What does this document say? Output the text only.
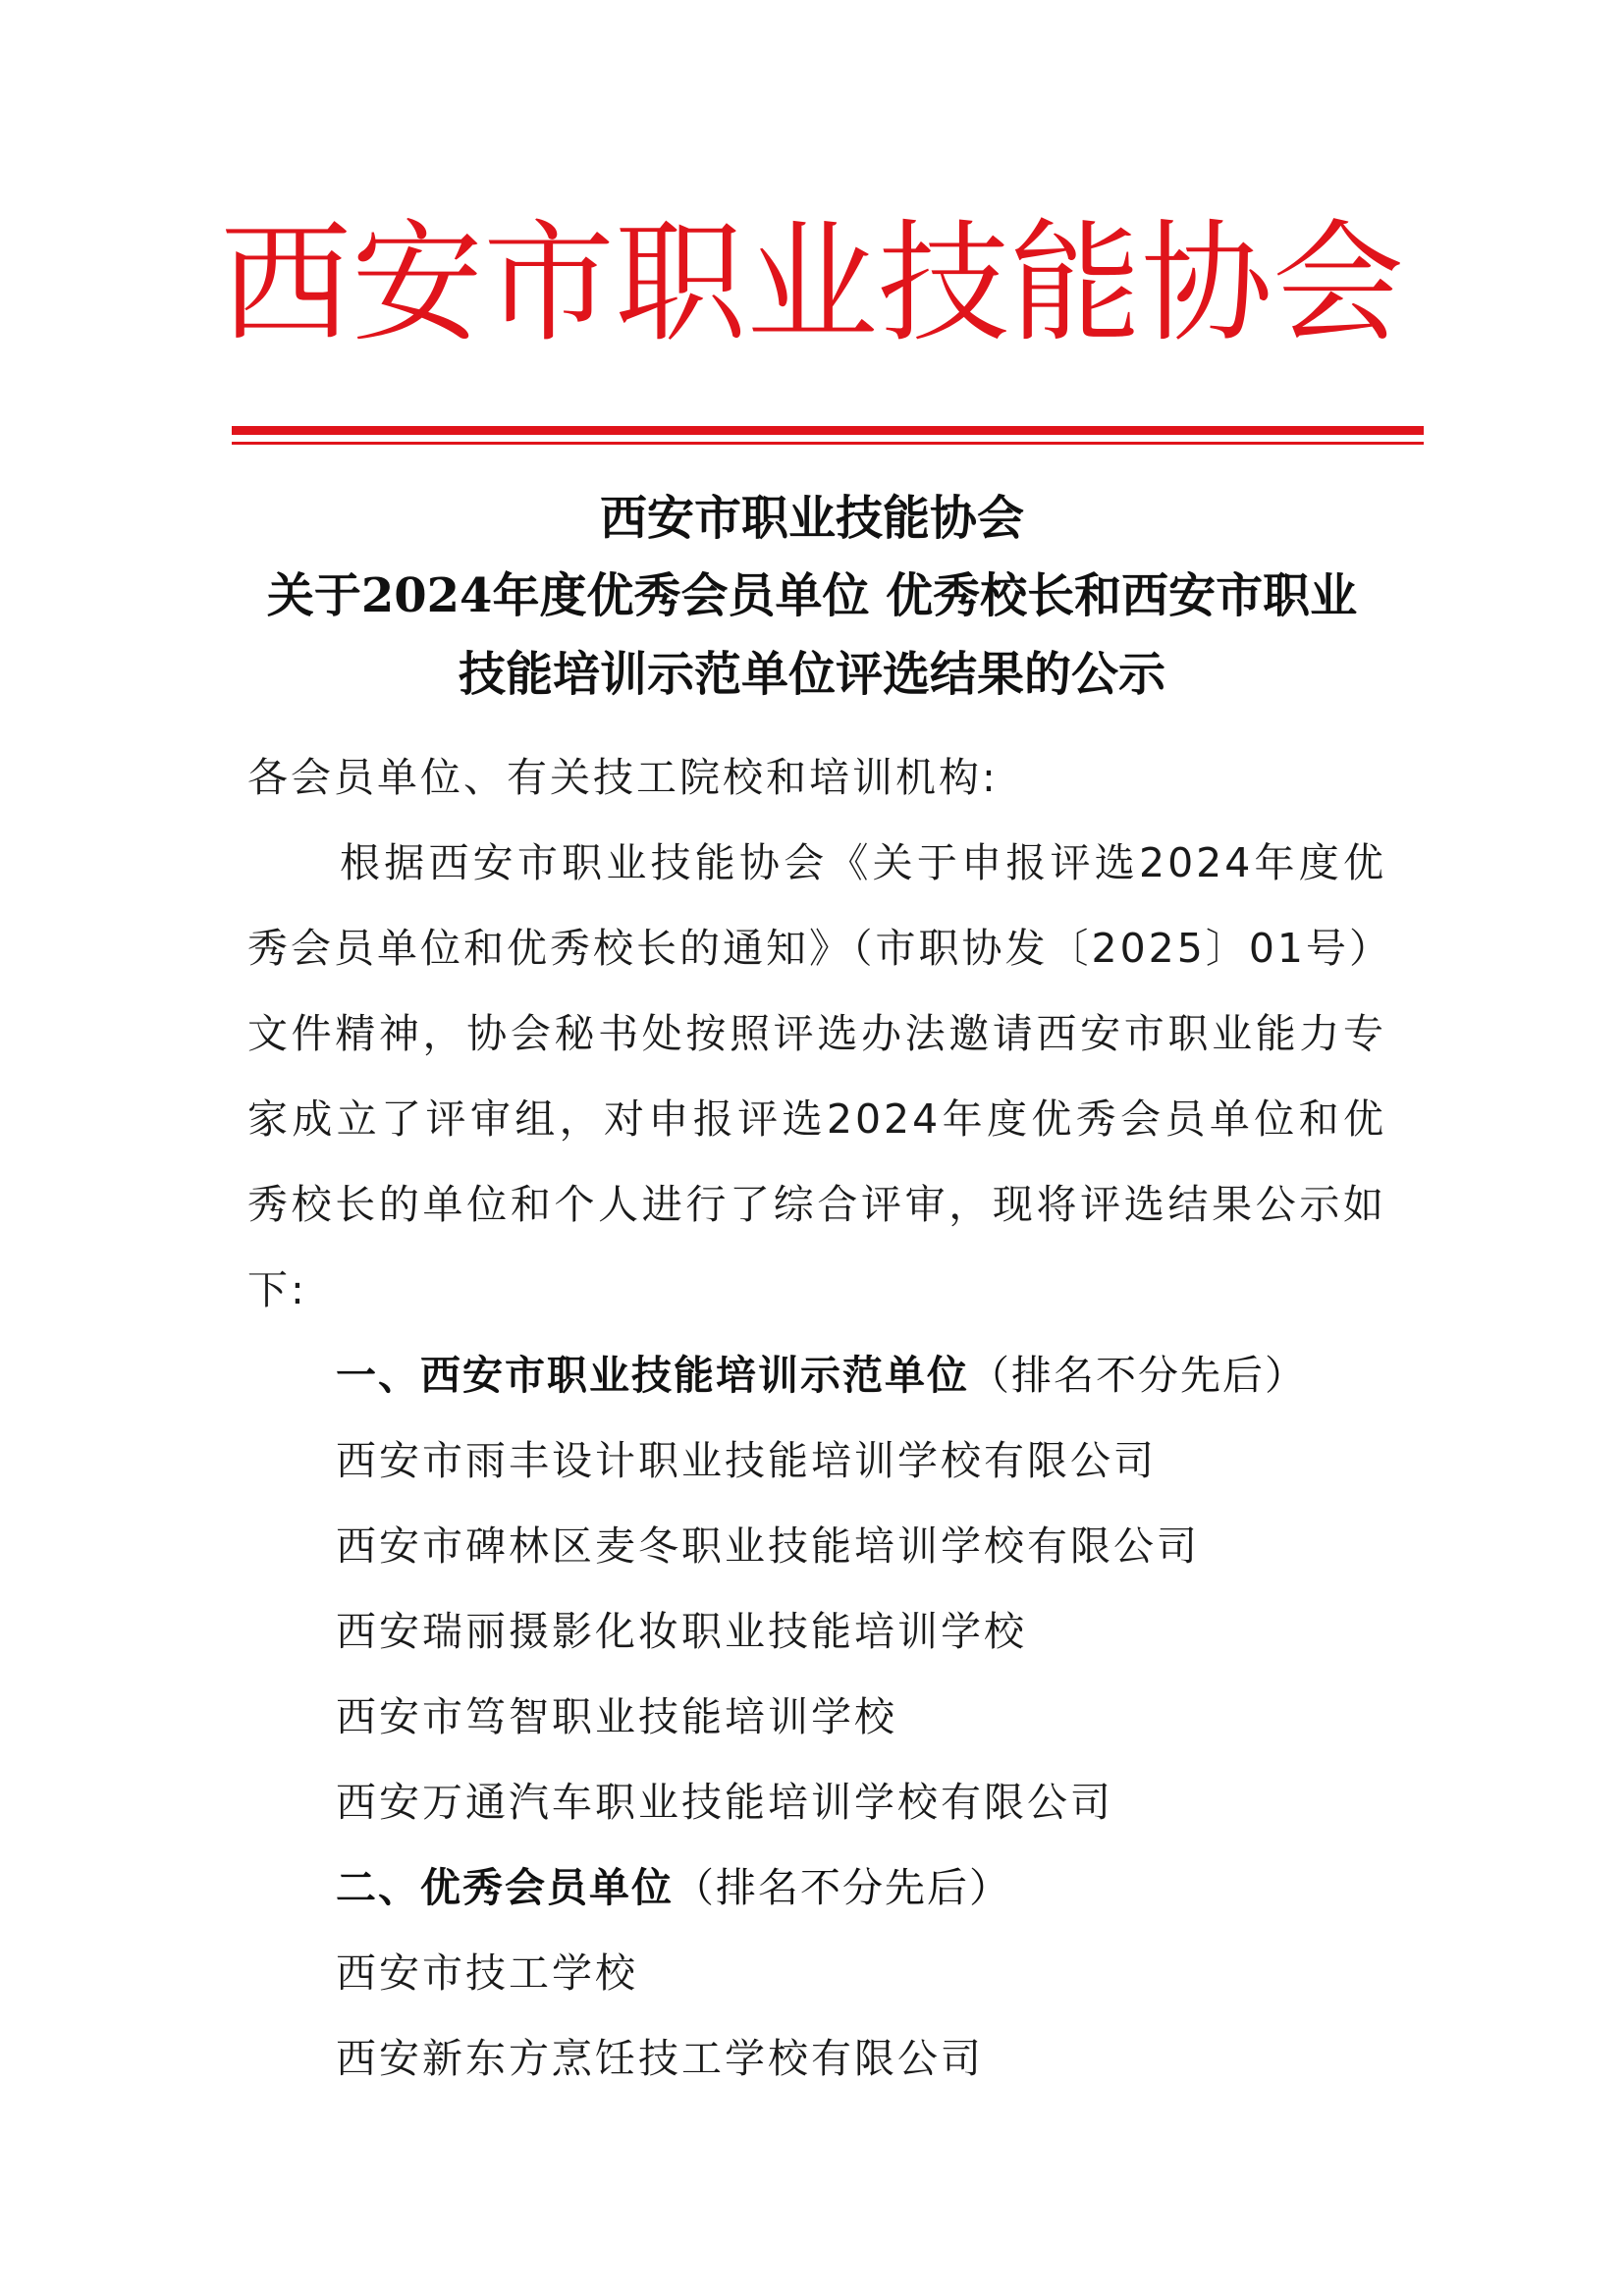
西安市职业技能协会
西安市职业技能协会
关于2024年度优秀会员单位 优秀校长和西安市职业
技能培训示范单位评选结果的公示
各会员单位、有关技工院校和培训机构:
根据西安市职业技能协会《关于申报评选2024年度优
秀会员单位和优秀校长的通知》（市职协发〔2025〕01号）
文件精神，协会秘书处按照评选办法邀请西安市职业能力专
家成立了评审组，对申报评选2024年度优秀会员单位和优
秀校长的单位和个人进行了综合评审，现将评选结果公示如
下:
一、西安市职业技能培训示范单位（排名不分先后）
西安市雨丰设计职业技能培训学校有限公司
西安市碑林区麦冬职业技能培训学校有限公司
西安瑞丽摄影化妆职业技能培训学校
西安市笃智职业技能培训学校
西安万通汽车职业技能培训学校有限公司
二、优秀会员单位（排名不分先后）
西安市技工学校
西安新东方烹饪技工学校有限公司
